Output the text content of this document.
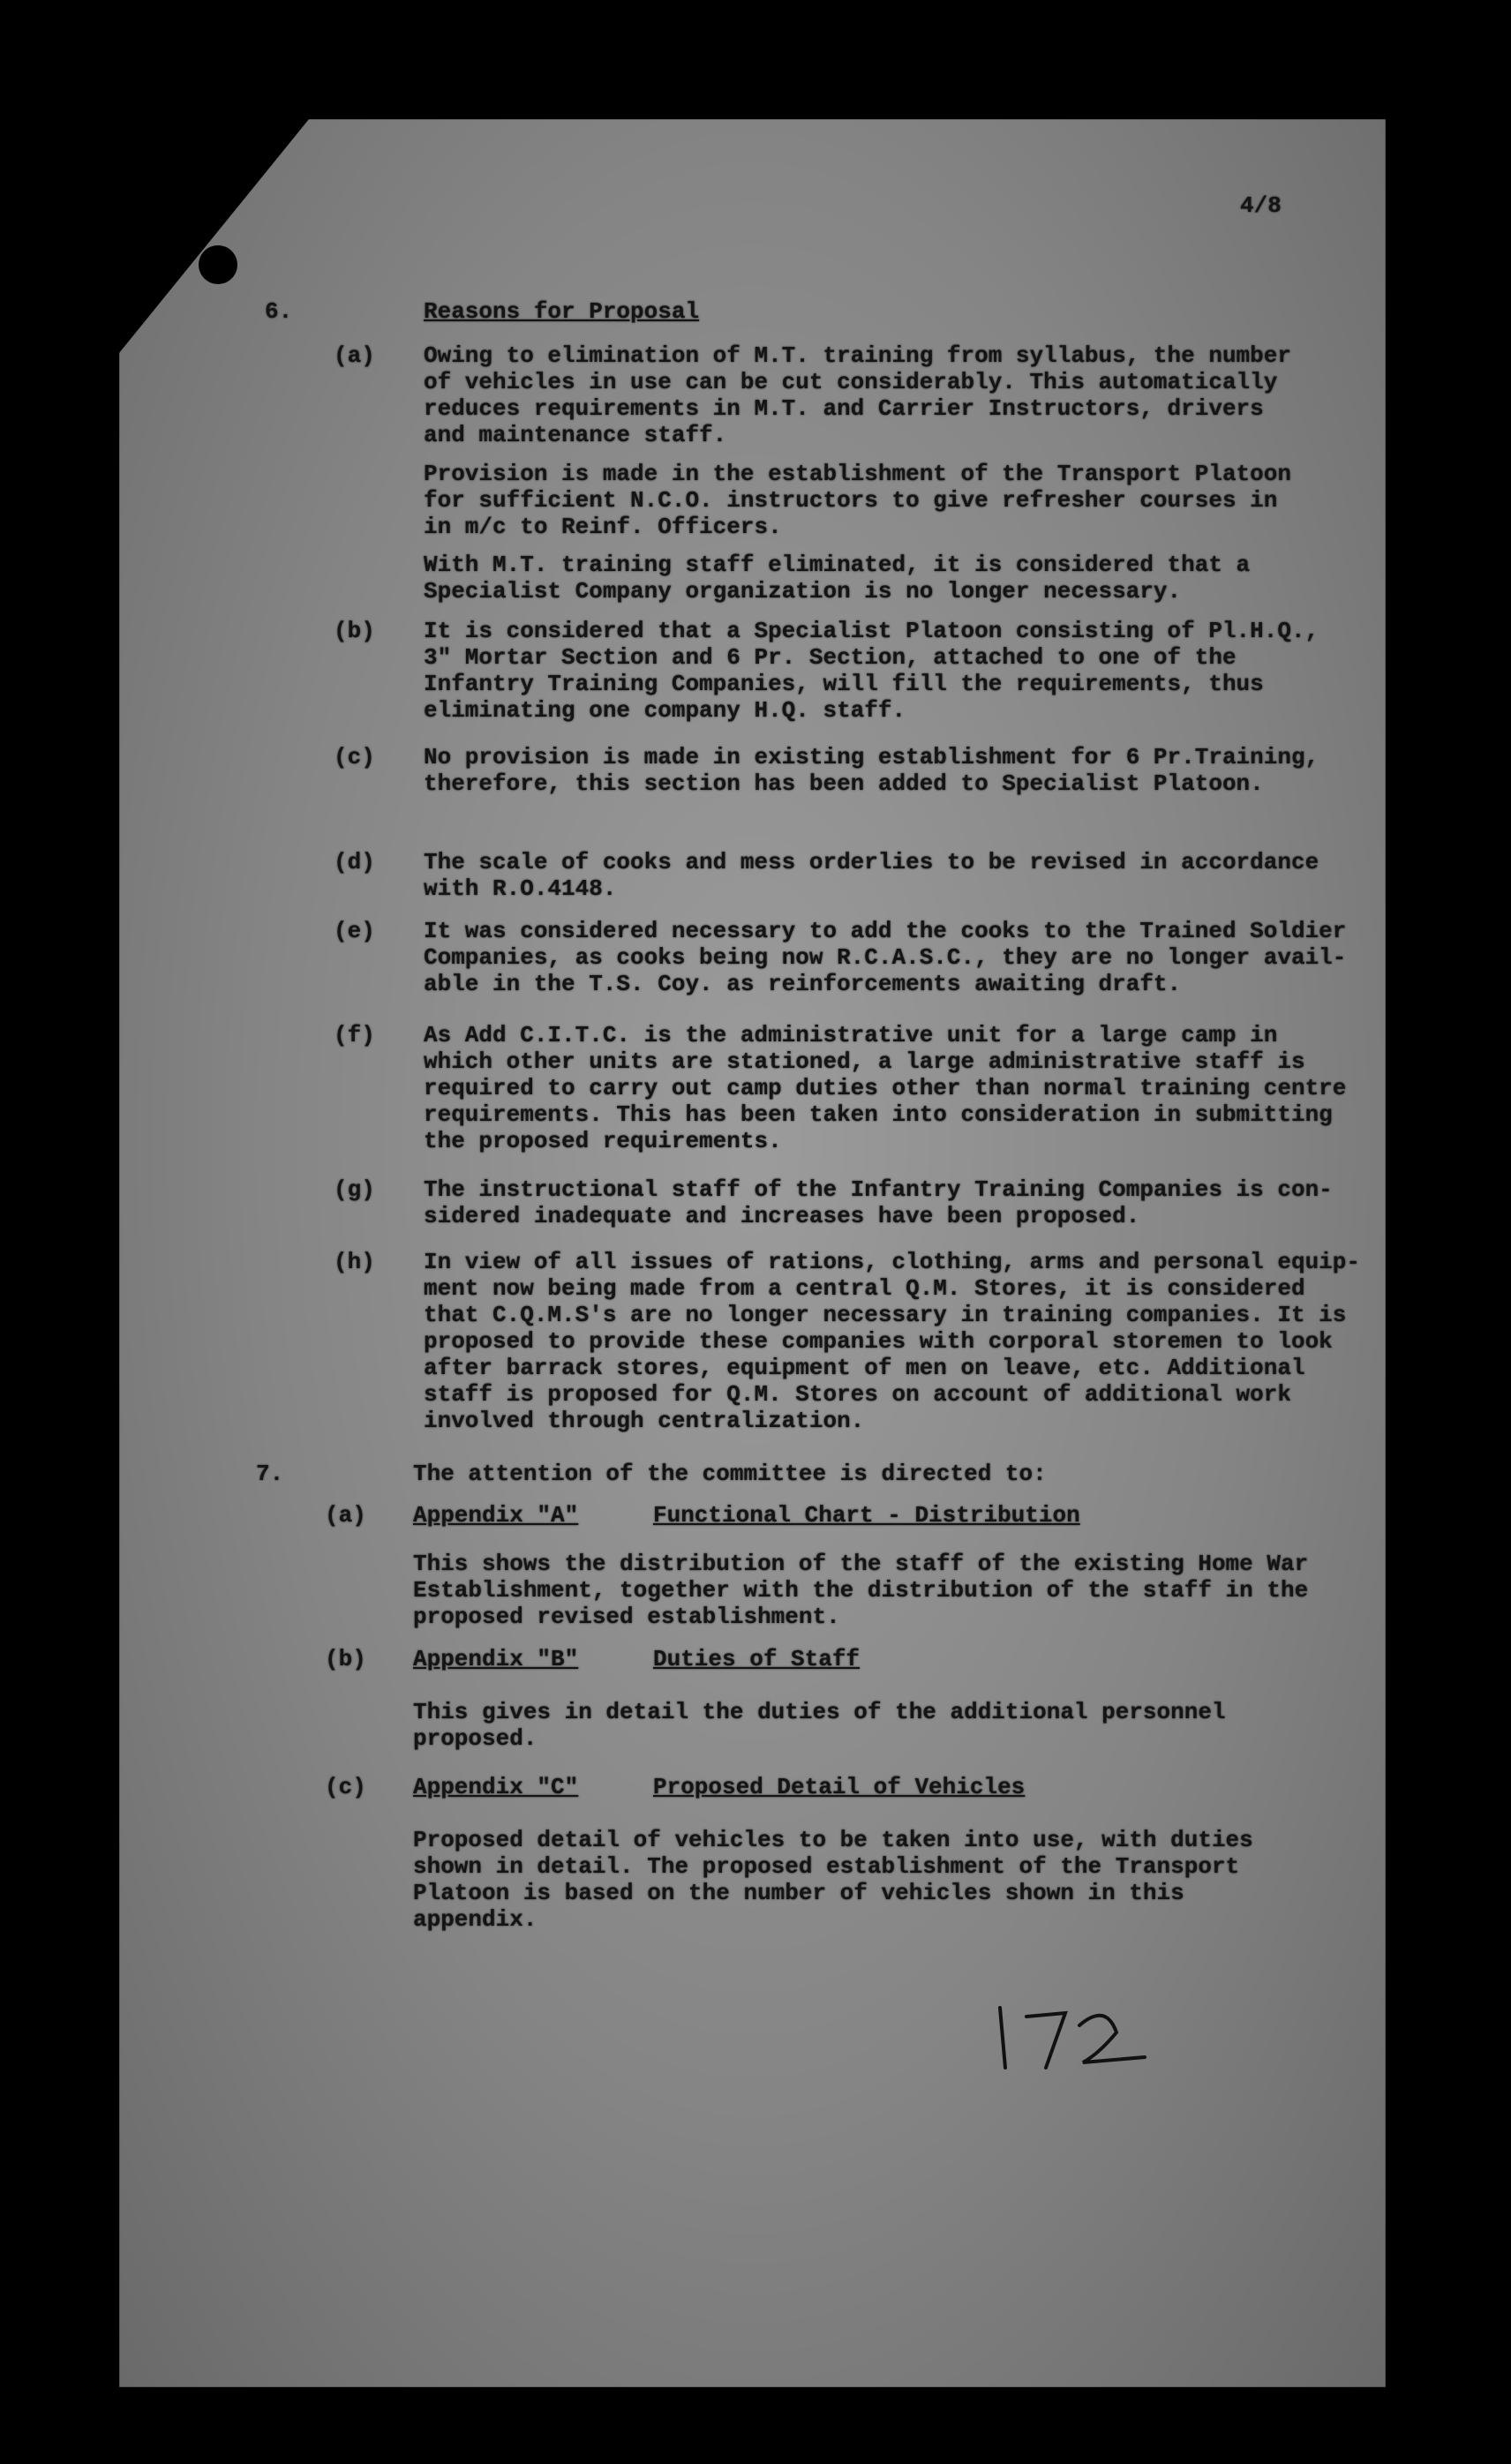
4/8
6.	Reasons for Proposal
(a) Owing to elimination of M.T. training from syllabus, the number
of vehicles in use can be cut considerably. This automatically
reduces requirements in M.T. and Carrier Instructors, drivers
and maintenance staff.
Provision is made in the establishment of the Transport Platoon
for sufficient N.C.O. instructors to give refresher courses in
in m/c to Reinf. Officers.
With M.T. training staff eliminated, it is considered that a
Specialist Company organization is no longer necessary.
(b) It is considered that a Specialist Platoon consisting of Pl.H.Q.,
3" Mortar Section and 6 Pr. Section, attached to one of the
Infantry Training Companies, will fill the requirements, thus
eliminating one company H.Q. staff.
(c) No provision is made in existing establishment for 6 Pr.Training,
therefore, this section has been added to Specialist Platoon.
(d) The scale of cooks and mess orderlies to be revised in accordance
with R.O.4148.
(e) It was considered necessary to add the cooks to the Trained Soldier
Companies, as cooks being now R.C.A.S.C., they are no longer avail-
able in the T.S. Coy. as reinforcements awaiting draft.
(f) As Add C.I.T.C. is the administrative unit for a large camp in
which other units are stationed, a large administrative staff is
required to carry out camp duties other than normal training centre
requirements. This has been taken into consideration in submitting
the proposed requirements.
(g) The instructional staff of the Infantry Training Companies is con-
sidered inadequate and increases have been proposed.
(h) In view of all issues of rations, clothing, arms and personal equip-
ment now being made from a central Q.M. Stores, it is considered
that C.Q.M.S's are no longer necessary in training companies. It is
proposed to provide these companies with corporal storemen to look
after barrack stores, equipment of men on leave, etc. Additional
staff is proposed for Q.M. Stores on account of additional work
involved through centralization.
7.	The attention of the committee is directed to:
(a) Appendix "A"	Functional Chart - Distribution
This shows the distribution of the staff of the existing Home War
Establishment, together with the distribution of the staff in the
proposed revised establishment.
(b) Appendix "B"	Duties of Staff
This gives in detail the duties of the additional personnel
proposed.
(c) Appendix "C"	Proposed Detail of Vehicles
Proposed detail of vehicles to be taken into use, with duties
shown in detail. The proposed establishment of the Transport
Platoon is based on the number of vehicles shown in this
appendix.
